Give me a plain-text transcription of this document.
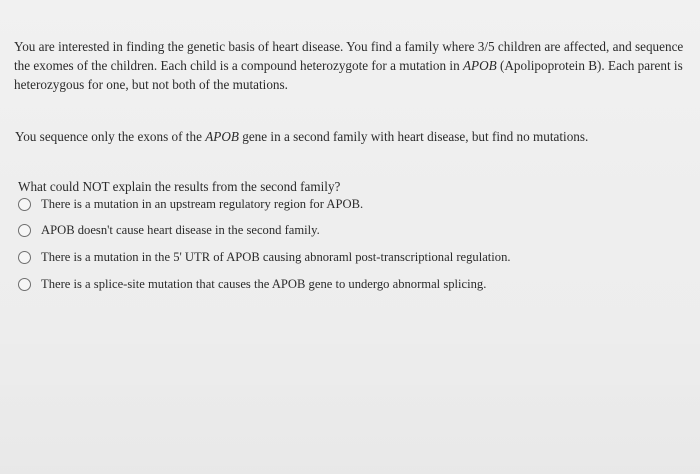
You are interested in finding the genetic basis of heart disease. You find a family where 3/5 children are affected, and sequence the exomes of the children. Each child is a compound heterozygote for a mutation in APOB (Apolipoprotein B). Each parent is heterozygous for one, but not both of the mutations.

You sequence only the exons of the APOB gene in a second family with heart disease, but find no mutations.

What could NOT explain the results from the second family?

There is a mutation in an upstream regulatory region for APOB.
APOB doesn't cause heart disease in the second family.
There is a mutation in the 5' UTR of APOB causing abnoraml post-transcriptional regulation.
There is a splice-site mutation that causes the APOB gene to undergo abnormal splicing.
